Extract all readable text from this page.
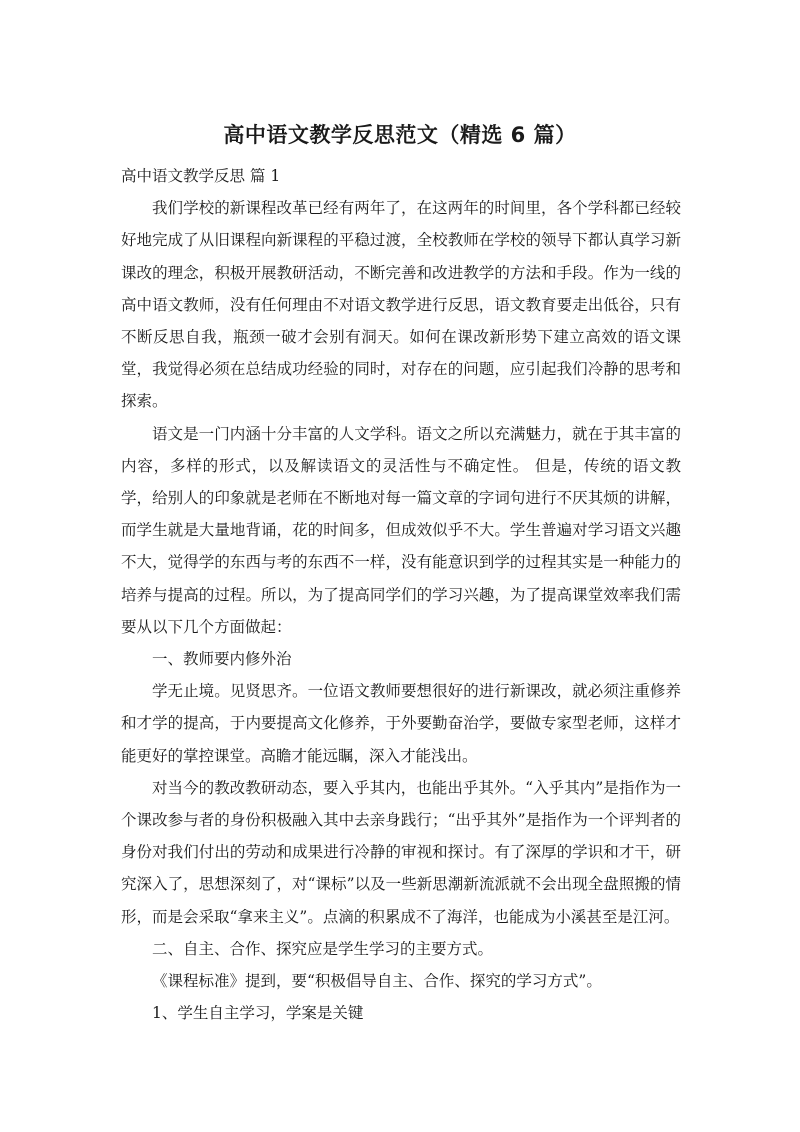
高中语文教学反思范文（精选 6 篇）

高中语文教学反思 篇 1

我们学校的新课程改革已经有两年了，在这两年的时间里，各个学科都已经较好地完成了从旧课程向新课程的平稳过渡，全校教师在学校的领导下都认真学习新课改的理念，积极开展教研活动，不断完善和改进教学的方法和手段。作为一线的高中语文教师，没有任何理由不对语文教学进行反思，语文教育要走出低谷，只有不断反思自我，瓶颈一破才会别有洞天。如何在课改新形势下建立高效的语文课堂，我觉得必须在总结成功经验的同时，对存在的问题，应引起我们冷静的思考和探索。

语文是一门内涵十分丰富的人文学科。语文之所以充满魅力，就在于其丰富的内容，多样的形式，以及解读语文的灵活性与不确定性。 但是，传统的语文教学，给别人的印象就是老师在不断地对每一篇文章的字词句进行不厌其烦的讲解，而学生就是大量地背诵，花的时间多，但成效似乎不大。学生普遍对学习语文兴趣不大，觉得学的东西与考的东西不一样，没有能意识到学的过程其实是一种能力的培养与提高的过程。所以，为了提高同学们的学习兴趣，为了提高课堂效率我们需要从以下几个方面做起：

一、教师要内修外治

学无止境。见贤思齐。一位语文教师要想很好的进行新课改，就必须注重修养和才学的提高，于内要提高文化修养，于外要勤奋治学，要做专家型老师，这样才能更好的掌控课堂。高瞻才能远瞩，深入才能浅出。

对当今的教改教研动态，要入乎其内，也能出乎其外。“入乎其内”是指作为一个课改参与者的身份积极融入其中去亲身践行；“出乎其外”是指作为一个评判者的身份对我们付出的劳动和成果进行冷静的审视和探讨。有了深厚的学识和才干，研究深入了，思想深刻了，对“课标”以及一些新思潮新流派就不会出现全盘照搬的情形，而是会采取“拿来主义”。点滴的积累成不了海洋，也能成为小溪甚至是江河。

二、自主、合作、探究应是学生学习的主要方式。

《课程标准》提到，要“积极倡导自主、合作、探究的学习方式”。

1、学生自主学习，学案是关键
